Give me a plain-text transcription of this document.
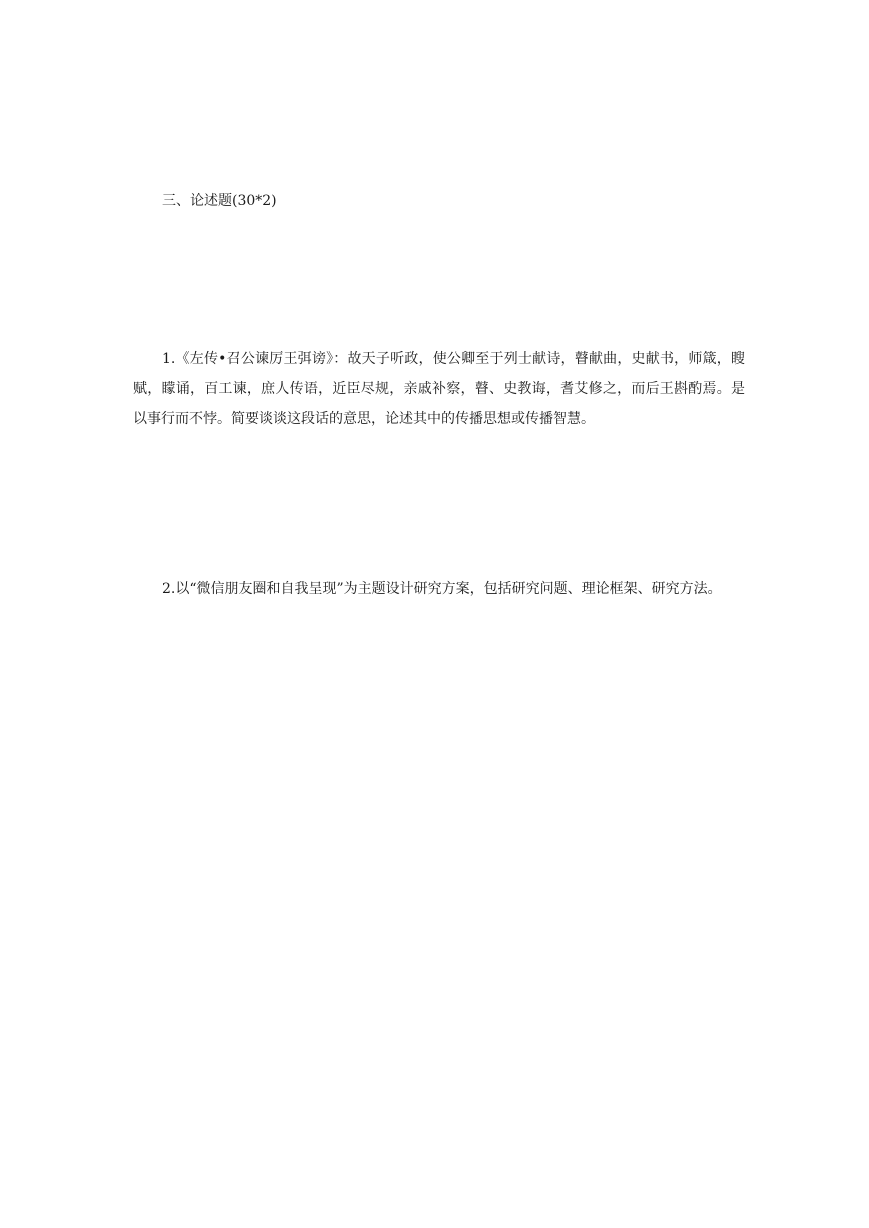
三、论述题(30*2)

1.《左传•召公谏厉王弭谤》：故天子听政，使公卿至于列士献诗，瞽献曲，史献书，师箴，瞍赋，矇诵，百工谏，庶人传语，近臣尽规，亲戚补察，瞽、史教诲，耆艾修之，而后王斟酌焉。是以事行而不悖。简要谈谈这段话的意思，论述其中的传播思想或传播智慧。

2.以“微信朋友圈和自我呈现”为主题设计研究方案，包括研究问题、理论框架、研究方法。
